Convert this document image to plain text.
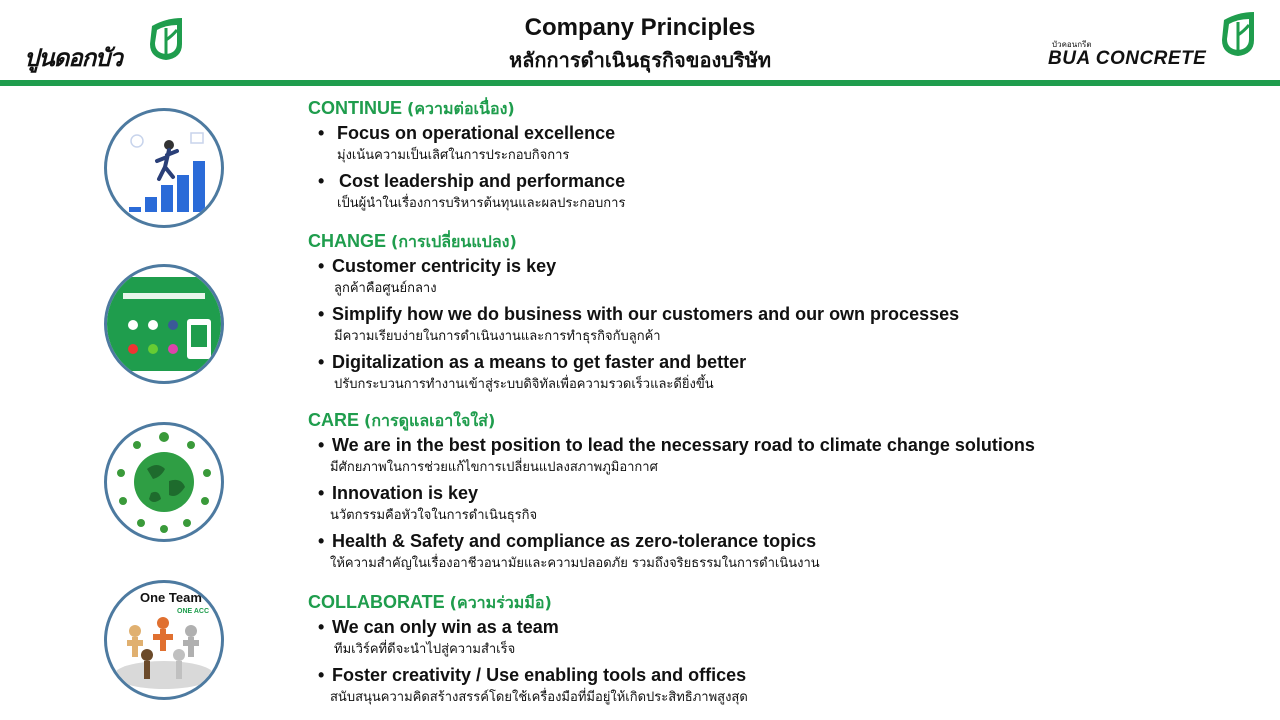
ปูนดอกบัว
Company Principles
หลักการดำเนินธุรกิจของบริษัท
บัวคอนกรีต
BUA CONCRETE
One Team
ONE ACC
CONTINUE (ความต่อเนื่อง)
• Focus on operational excellence
มุ่งเน้นความเป็นเลิศในการประกอบกิจการ
• Cost leadership and performance
เป็นผู้นำในเรื่องการบริหารต้นทุนและผลประกอบการ
CHANGE (การเปลี่ยนแปลง)
• Customer centricity is key
ลูกค้าคือศูนย์กลาง
• Simplify how we do business with our customers and our own processes
มีความเรียบง่ายในการดำเนินงานและการทำธุรกิจกับลูกค้า
• Digitalization as a means to get faster and better
ปรับกระบวนการทำงานเข้าสู่ระบบดิจิทัลเพื่อความรวดเร็วและดียิ่งขึ้น
CARE (การดูแลเอาใจใส่)
• We are in the best position to lead the necessary road to climate change solutions
มีศักยภาพในการช่วยแก้ไขการเปลี่ยนแปลงสภาพภูมิอากาศ
• Innovation is key
นวัตกรรมคือหัวใจในการดำเนินธุรกิจ
• Health & Safety and compliance as zero-tolerance topics
ให้ความสำคัญในเรื่องอาชีวอนามัยและความปลอดภัย รวมถึงจริยธรรมในการดำเนินงาน
COLLABORATE (ความร่วมมือ)
• We can only win as a team
ทีมเวิร์คที่ดีจะนำไปสู่ความสำเร็จ
• Foster creativity / Use enabling tools and offices
สนับสนุนความคิดสร้างสรรค์โดยใช้เครื่องมือที่มีอยู่ให้เกิดประสิทธิภาพสูงสุด
